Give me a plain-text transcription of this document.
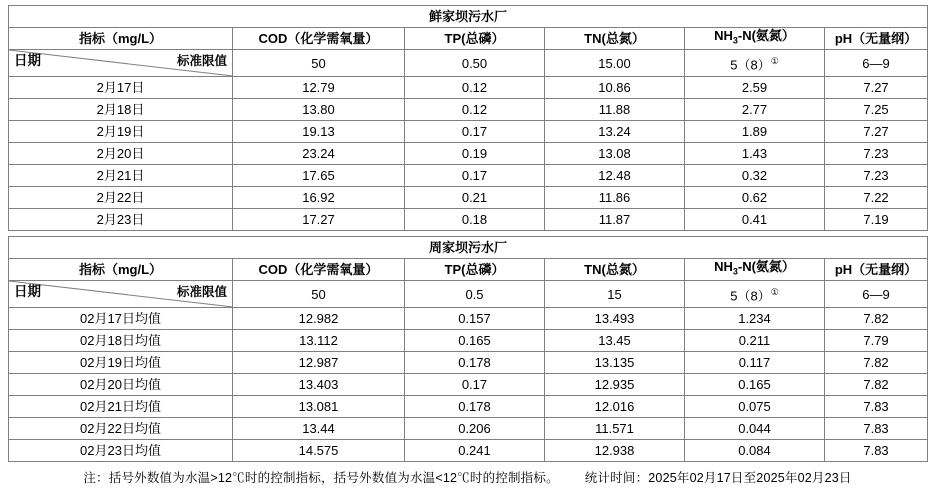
鲜家坝污水厂					
指标（mg/L）	COD（化学需氧量）	TP(总磷）	TN(总氮）	$NH_3-N$(氨氮）	pH（无量纲）

标准限值
日期	50	0.50	15.00	5（8）①	6—9
2月17日	12.79	0.12	10.86	2.59	7.27
2月18日	13.80	0.12	11.88	2.77	7.25
2月19日	19.13	0.17	13.24	1.89	7.27
2月20日	23.24	0.19	13.08	1.43	7.23
2月21日	17.65	0.17	12.48	0.32	7.23
2月22日	16.92	0.21	11.86	0.62	7.22
2月23日	17.27	0.18	11.87	0.41	7.19
周家坝污水厂					
指标（mg/L）	COD（化学需氧量）	TP(总磷）	TN(总氮）	$NH_3-N$(氨氮）	pH（无量纲）

标准限值
日期	50	0.5	15	5（8）①	6—9
02月17日均值	12.982	0.157	13.493	1.234	7.82
02月18日均值	13.112	0.165	13.45	0.211	7.79
02月19日均值	12.987	0.178	13.135	0.117	7.82
02月20日均值	13.403	0.17	12.935	0.165	7.82
02月21日均值	13.081	0.178	12.016	0.075	7.83
02月22日均值	13.44	0.206	11.571	0.044	7.83
02月23日均值	14.575	0.241	12.938	0.084	7.83
注：括号外数值为水温>12℃时的控制指标，括号外数值为水温<12℃时的控制指标。 统计时间：2025年02月17日至2025年02月23日
